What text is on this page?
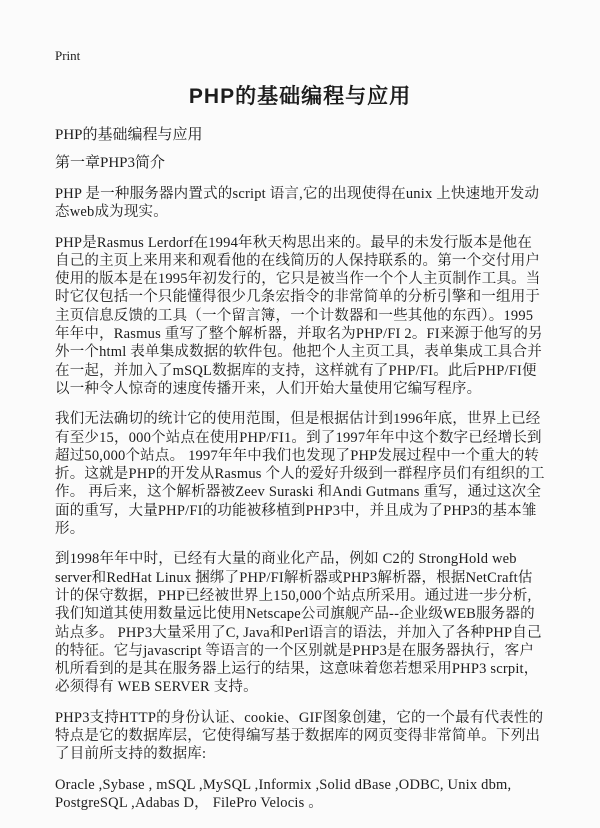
Print
PHP的基础编程与应用
PHP的基础编程与应用
第一章PHP3简介

PHP 是一种服务器内置式的script 语言,它的出现使得在unix 上快速地开发动态web成为现实。

PHP是Rasmus Lerdorf在1994年秋天构思出来的。最早的未发行版本是他在自己的主页上来用来和观看他的在线简历的人保持联系的。第一个交付用户使用的版本是在1995年初发行的，它只是被当作一个个人主页制作工具。当时它仅包括一个只能懂得很少几条宏指令的非常简单的分析引擎和一组用于主页信息反馈的工具（一个留言簿，一个计数器和一些其他的东西）。1995年年中，Rasmus 重写了整个解析器，并取名为PHP/FI 2。FI来源于他写的另外一个html 表单集成数据的软件包。他把个人主页工具，表单集成工具合并在一起，并加入了mSQL数据库的支持，这样就有了PHP/FI。此后PHP/FI便以一种令人惊奇的速度传播开来，人们开始大量使用它编写程序。

我们无法确切的统计它的使用范围，但是根据估计到1996年底，世界上已经有至少15，000个站点在使用PHP/FI1。到了1997年年中这个数字已经增长到超过50,000个站点。 1997年年中我们也发现了PHP发展过程中一个重大的转折。这就是PHP的开发从Rasmus 个人的爱好升级到一群程序员们有组织的工作。 再后来，这个解析器被Zeev Suraski 和Andi Gutmans 重写，通过这次全面的重写，大量PHP/FI的功能被移植到PHP3中，并且成为了PHP3的基本雏形。

到1998年年中时，已经有大量的商业化产品，例如 C2的 StrongHold web server和RedHat Linux 捆绑了PHP/FI解析器或PHP3解析器，根据NetCraft估计的保守数据，PHP已经被世界上150,000个站点所采用。通过进一步分析,我们知道其使用数量远比使用Netscape公司旗舰产品--企业级WEB服务器的站点多。 PHP3大量采用了C, Java和Perl语言的语法，并加入了各种PHP自己的特征。它与javascript 等语言的一个区别就是PHP3是在服务器执行，客户机所看到的是其在服务器上运行的结果，这意味着您若想采用PHP3 scrpit， 必须得有 WEB SERVER 支持。

PHP3支持HTTP的身份认证、cookie、GIF图象创建，它的一个最有代表性的特点是它的数据库层，它使得编写基于数据库的网页变得非常简单。下列出了目前所支持的数据库:

Oracle ,Sybase , mSQL ,MySQL ,Informix ,Solid dBase ,ODBC, Unix dbm, PostgreSQL ,Adabas D， FilePro Velocis 。
